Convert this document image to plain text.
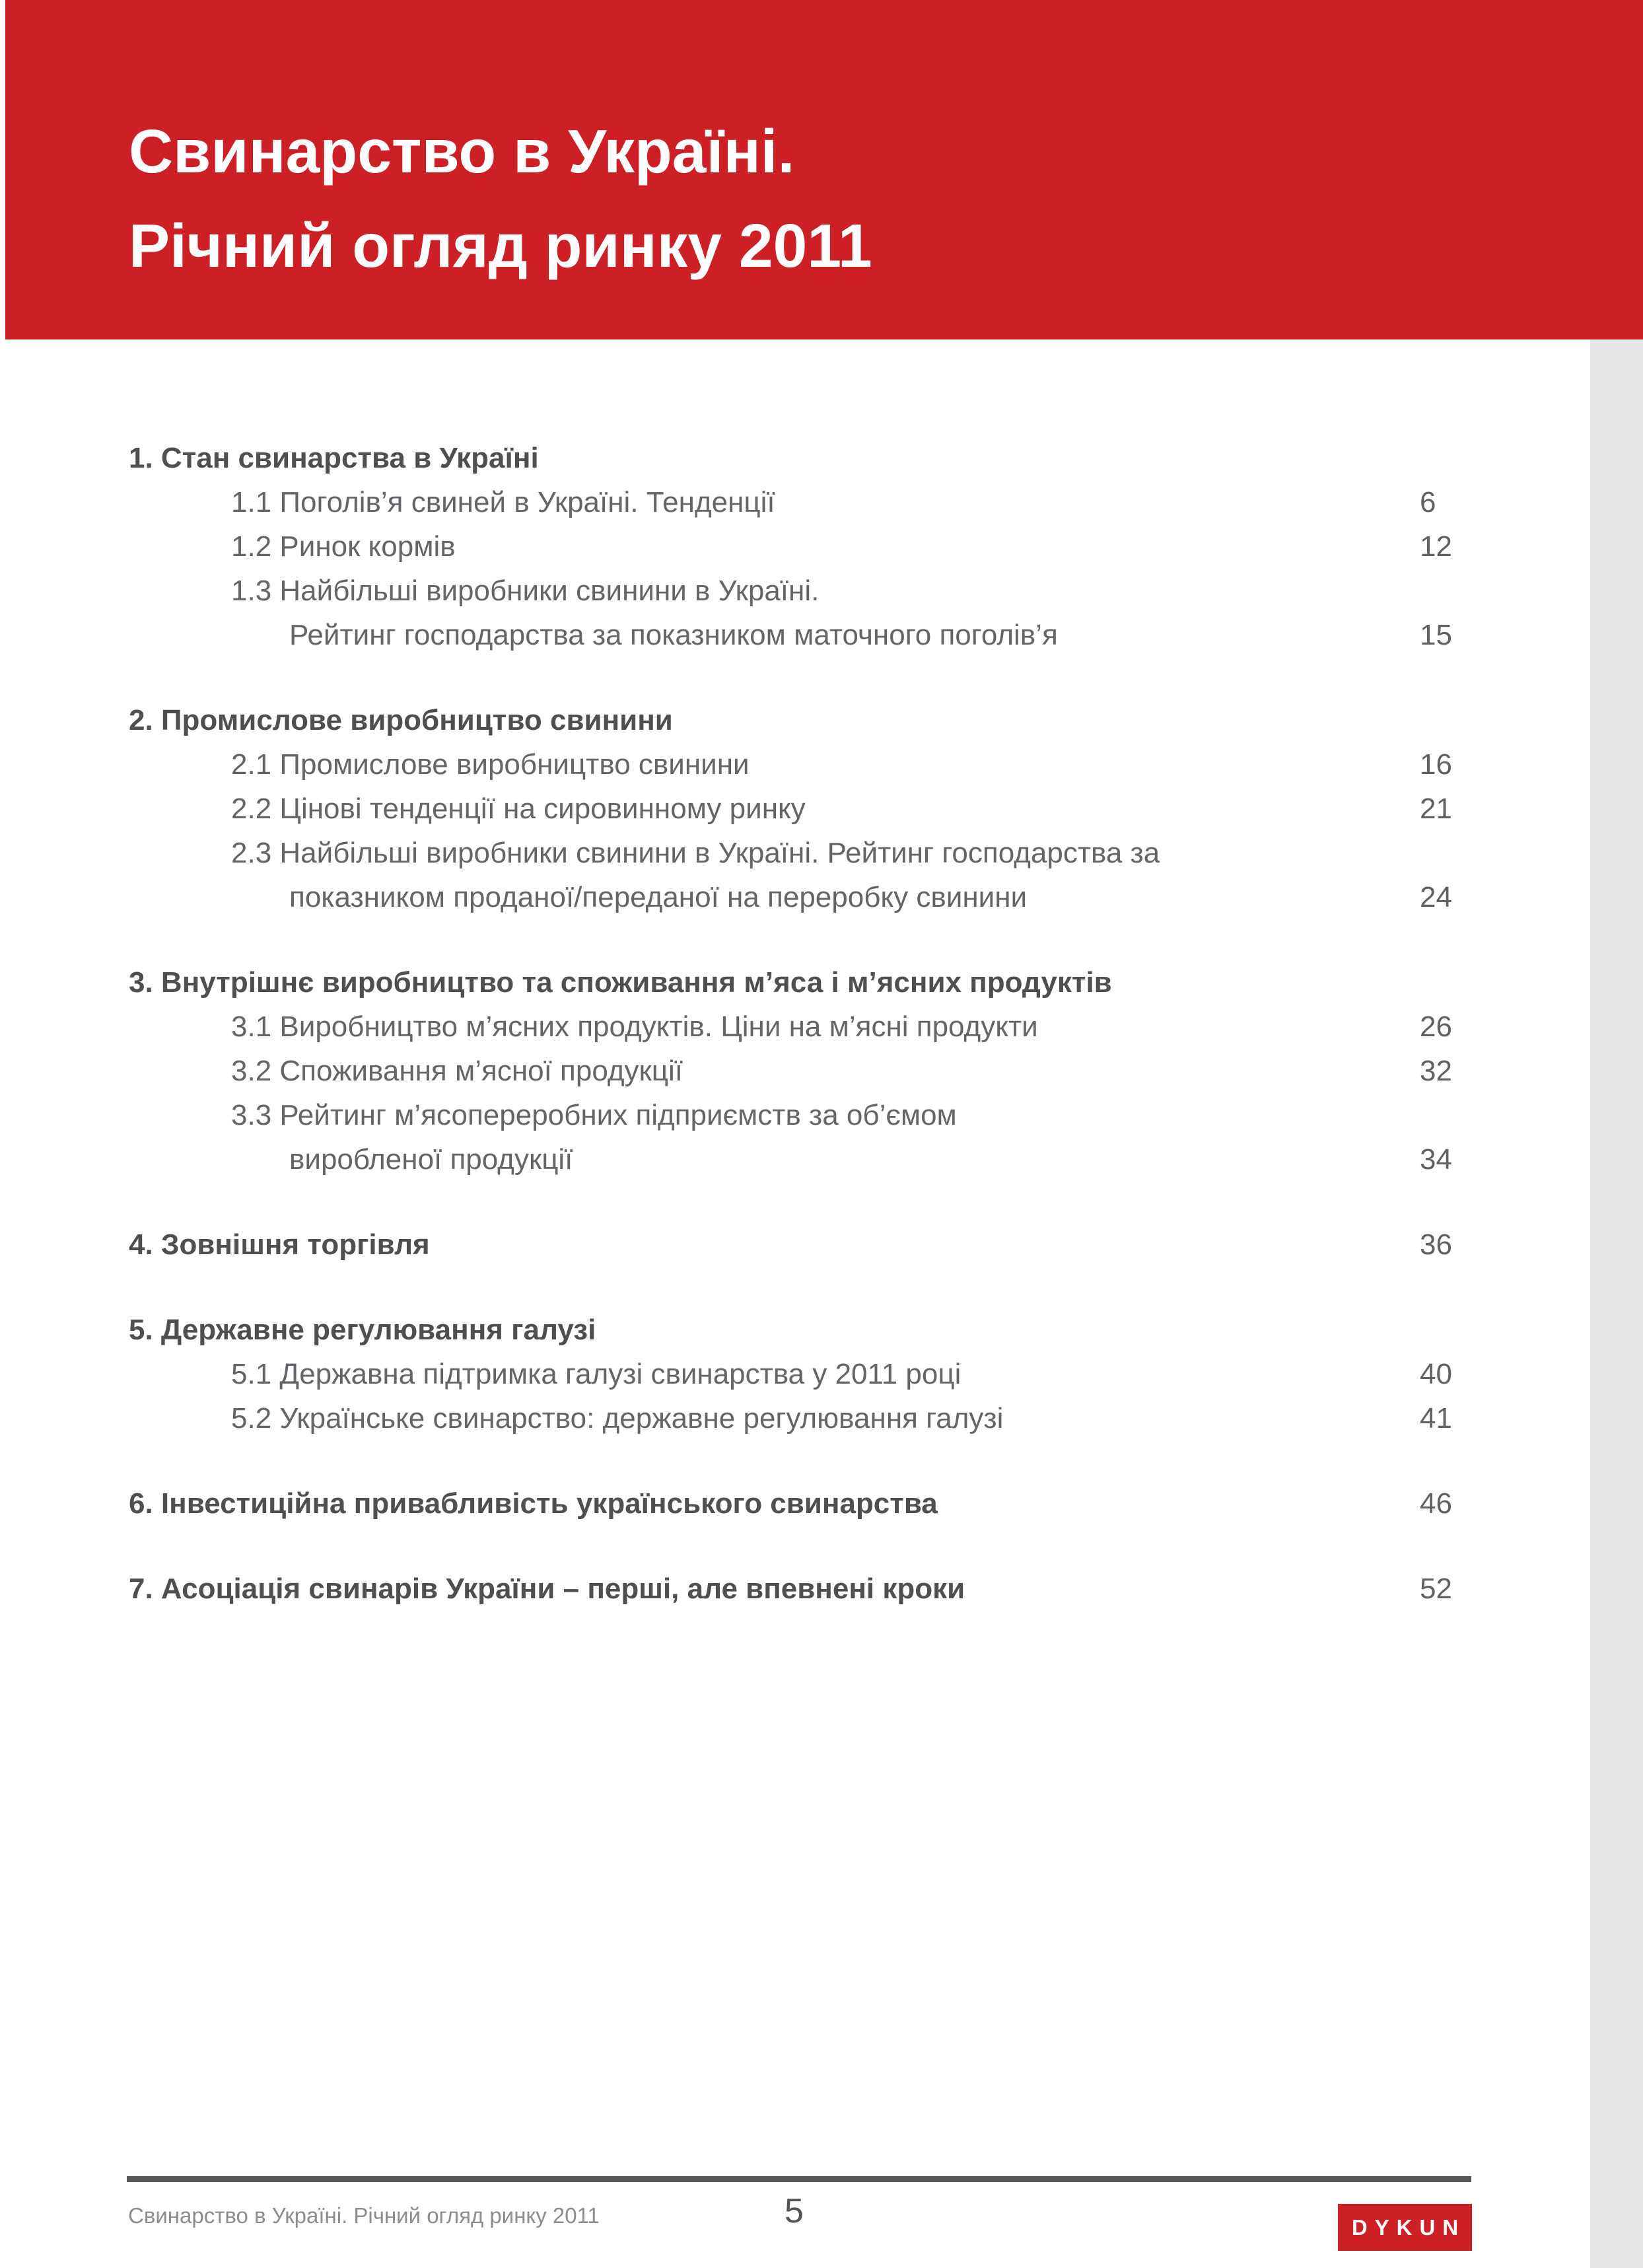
Свинарство в Україні.
Річний огляд ринку 2011
1. Стан свинарства в Україні
1.1 Поголів’я свиней в Україні. Тенденції	6
1.2 Ринок кормів	12
1.3 Найбільші виробники свинини в Україні.
Рейтинг господарства за показником маточного поголів’я	15
2. Промислове виробництво свинини
2.1 Промислове виробництво свинини	16
2.2 Цінові тенденції на сировинному ринку	21
2.3 Найбільші виробники свинини в Україні. Рейтинг господарства за
показником проданої/переданої на переробку свинини	24
3. Внутрішнє виробництво та споживання м’яса і м’ясних продуктів
3.1 Виробництво м’ясних продуктів. Ціни на м’ясні продукти	26
3.2 Споживання м’ясної продукції	32
3.3 Рейтинг м’ясопереробних підприємств за об’ємом
виробленої продукції	34
4. Зовнішня торгівля	36
5. Державне регулювання галузі
5.1 Державна підтримка галузі свинарства у 2011 році	40
5.2 Українське свинарство: державне регулювання галузі	41
6. Інвестиційна привабливість українського свинарства	46
7. Асоціація свинарів України – перші, але впевнені кроки	52
Свинарство в Україні. Річний огляд ринку 2011	5	DYKUN
